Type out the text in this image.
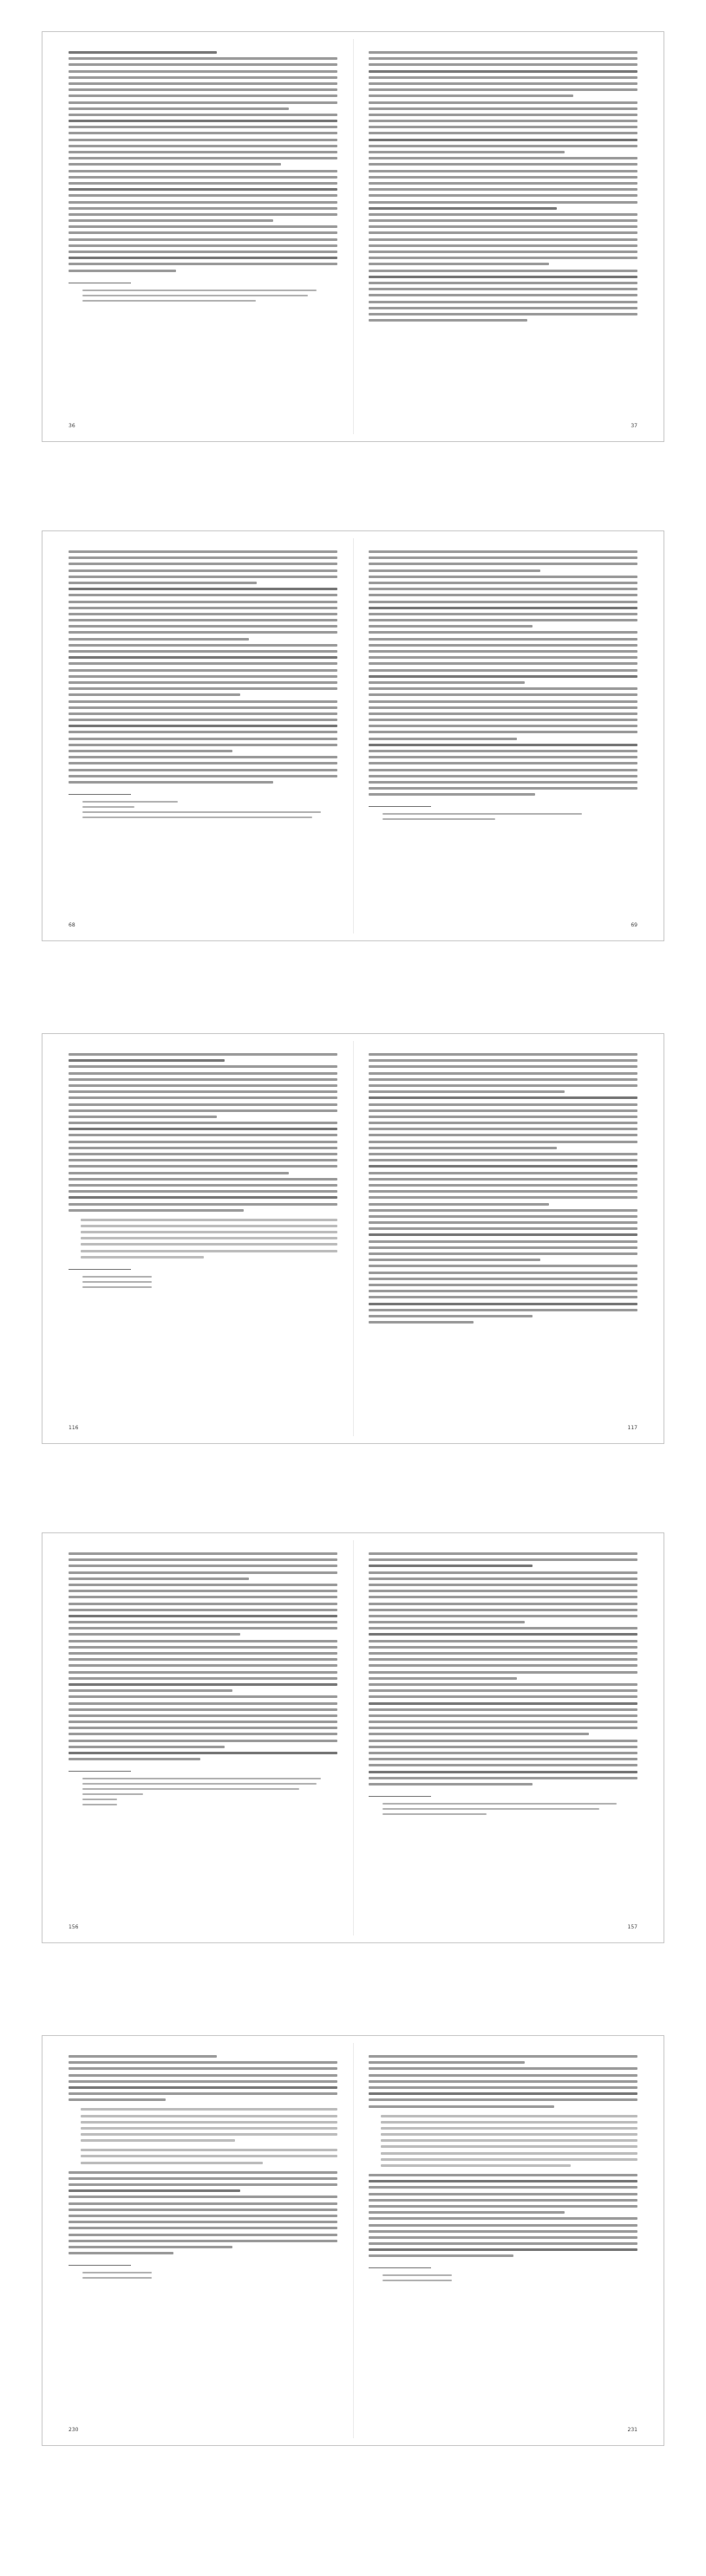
36	37
68	69
116	117
156	157
230	231
